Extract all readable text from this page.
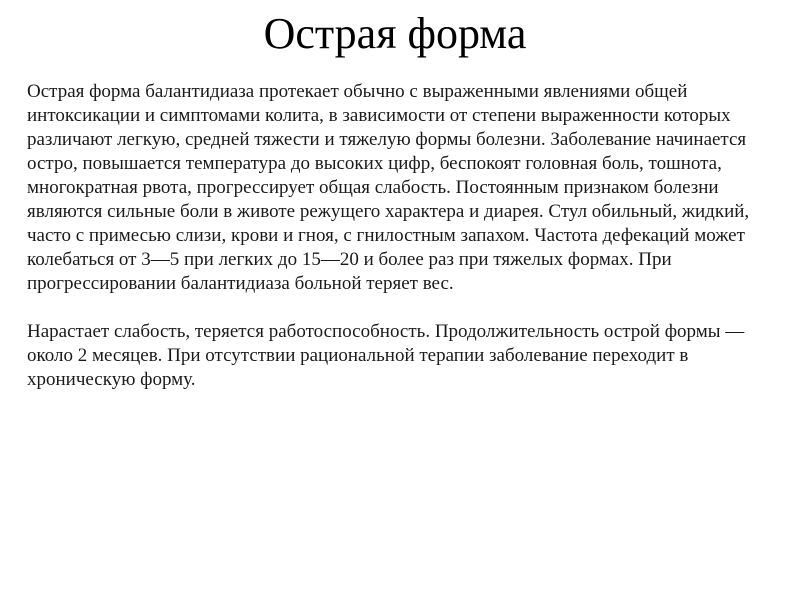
Острая форма

Острая форма балантидиаза протекает обычно с выраженными явлениями общей интоксикации и симптомами колита, в зависимости от степени выраженности которых различают легкую, средней тяжести и тяжелую формы болезни. Заболевание начинается остро, повышается температура до высоких цифр, беспокоят головная боль, тошнота, многократная рвота, прогрессирует общая слабость. Постоянным признаком болезни являются сильные боли в животе режущего характера и диарея. Стул обильный, жидкий, часто с примесью слизи, крови и гноя, с гнилостным запахом. Частота дефекаций может колебаться от 3—5 при легких до 15—20 и более раз при тяжелых формах. При прогрессировании балантидиаза больной теряет вес.

Нарастает слабость, теряется работоспособность. Продолжительность острой формы — около 2 месяцев. При отсутствии рациональной терапии заболевание переходит в хроническую форму.
